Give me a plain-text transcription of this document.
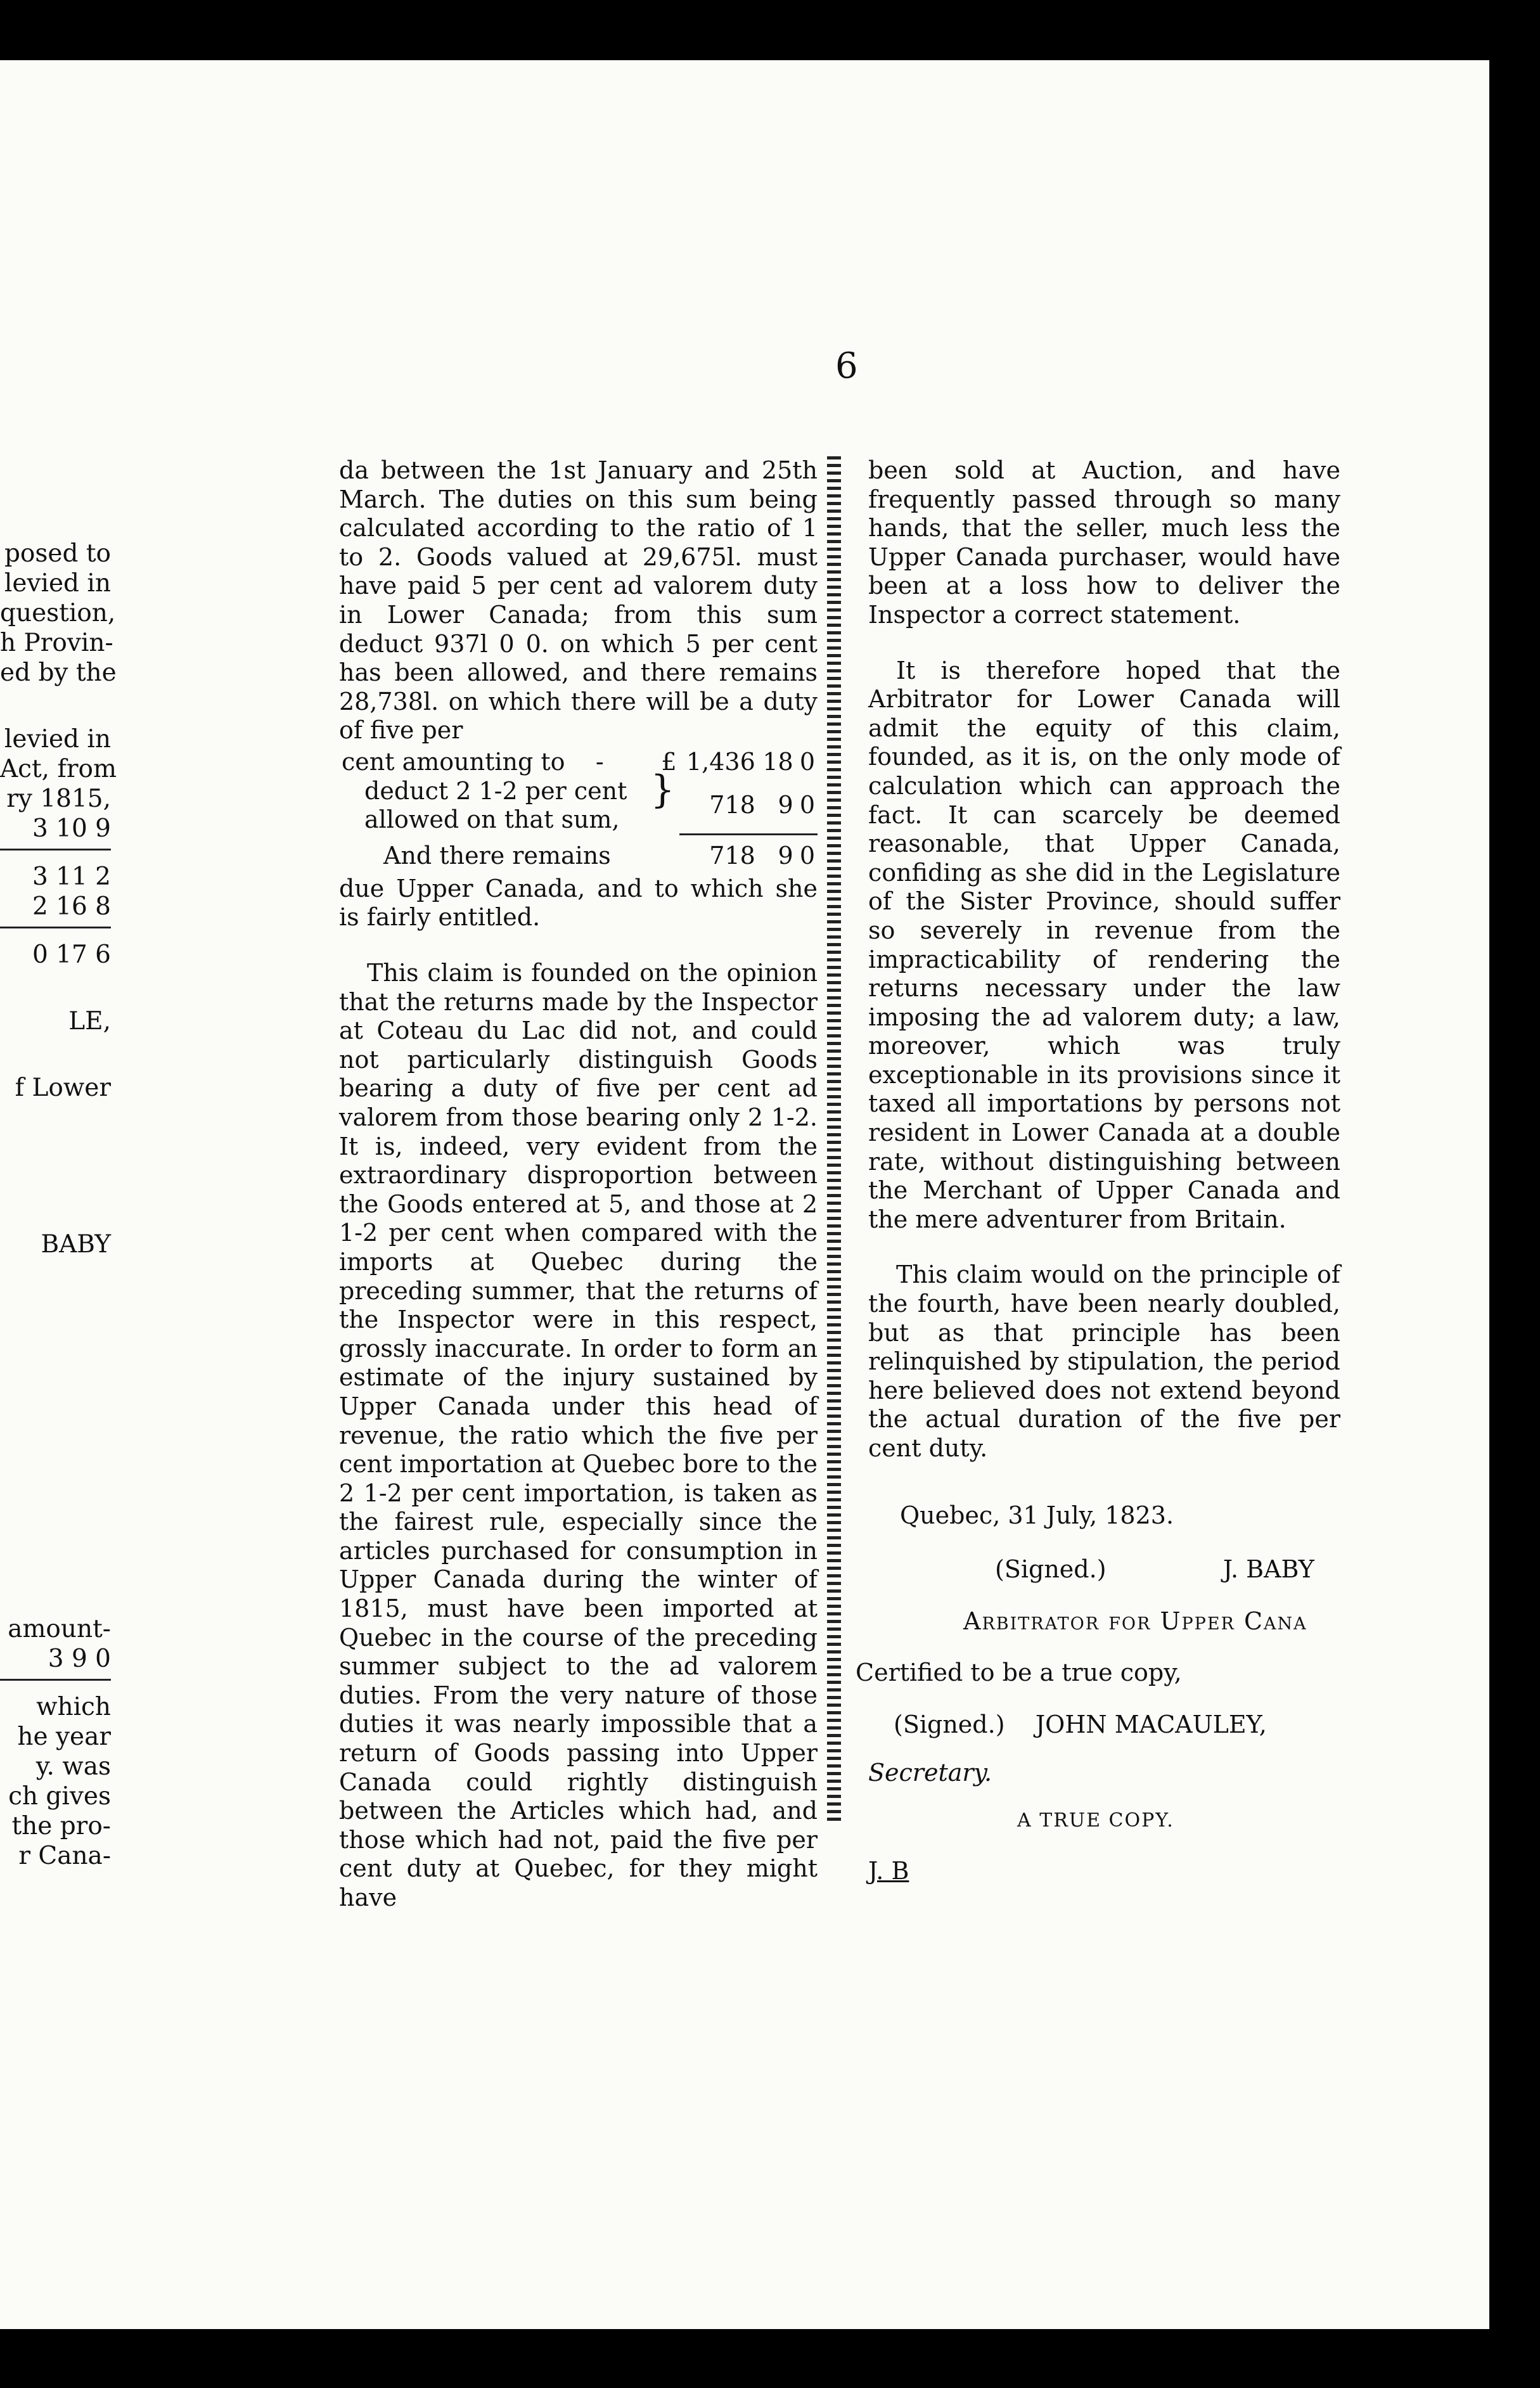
posed to
levied in
question,
h Provin-
ed by the
levied in
Act, from
ry 1815,
3 10 9
3 11 2
2 16 8
0 17 6
LE,
f Lower
BABY
amount-
3 9 0
which
he year
y. was
ch gives
the pro-
r Cana-
6

da between the 1st January and 25th March. The duties on this sum being calculated according to the ratio of 1 to 2. Goods valued at 29,675l. must have paid 5 per cent ad valorem duty in Lower Canada; from this sum deduct 937l 0 0. on which 5 per cent has been allowed, and there remains 28,738l. on which there will be a duty of five per

cent amounting to -	£	1,436	18	0

deduct 2 1-2 per cent
allowed on that sum,	}	718	9	0

And there remains		718	9	0

due Upper Canada, and to which she is fairly entitled.

This claim is founded on the opinion that the returns made by the Inspector at Coteau du Lac did not, and could not particularly distinguish Goods bearing a duty of five per cent ad valorem from those bearing only 2 1-2. It is, indeed, very evident from the extraordinary disproportion between the Goods entered at 5, and those at 2 1-2 per cent when compared with the imports at Quebec during the preceding summer, that the returns of the Inspector were in this respect, grossly inaccurate. In order to form an estimate of the injury sustained by Upper Canada under this head of revenue, the ratio which the five per cent importation at Quebec bore to the 2 1-2 per cent importation, is taken as the fairest rule, especially since the articles purchased for consumption in Upper Canada during the winter of 1815, must have been imported at Quebec in the course of the preceding summer subject to the ad valorem duties. From the very nature of those duties it was nearly impossible that a return of Goods passing into Upper Canada could rightly distinguish between the Articles which had, and those which had not, paid the five per cent duty at Quebec, for they might have

been sold at Auction, and have frequently passed through so many hands, that the seller, much less the Upper Canada purchaser, would have been at a loss how to deliver the Inspector a correct statement.

It is therefore hoped that the Arbitrator for Lower Canada will admit the equity of this claim, founded, as it is, on the only mode of calculation which can approach the fact. It can scarcely be deemed reasonable, that Upper Canada, confiding as she did in the Legislature of the Sister Province, should suffer so severely in revenue from the impracticability of rendering the returns necessary under the law imposing the ad valorem duty; a law, moreover, which was truly exceptionable in its provisions since it taxed all importations by persons not resident in Lower Canada at a double rate, without distinguishing between the Merchant of Upper Canada and the mere adventurer from Britain.

This claim would on the principle of the fourth, have been nearly doubled, but as that principle has been relinquished by stipulation, the period here believed does not extend beyond the actual duration of the five per cent duty.

Quebec, 31 July, 1823.

(Signed.)	J. BABY

Arbitrator for Upper Cana

Certified to be a true copy,

(Signed.) JOHN MACAULEY,

Secretary.

A TRUE COPY.

J. B
